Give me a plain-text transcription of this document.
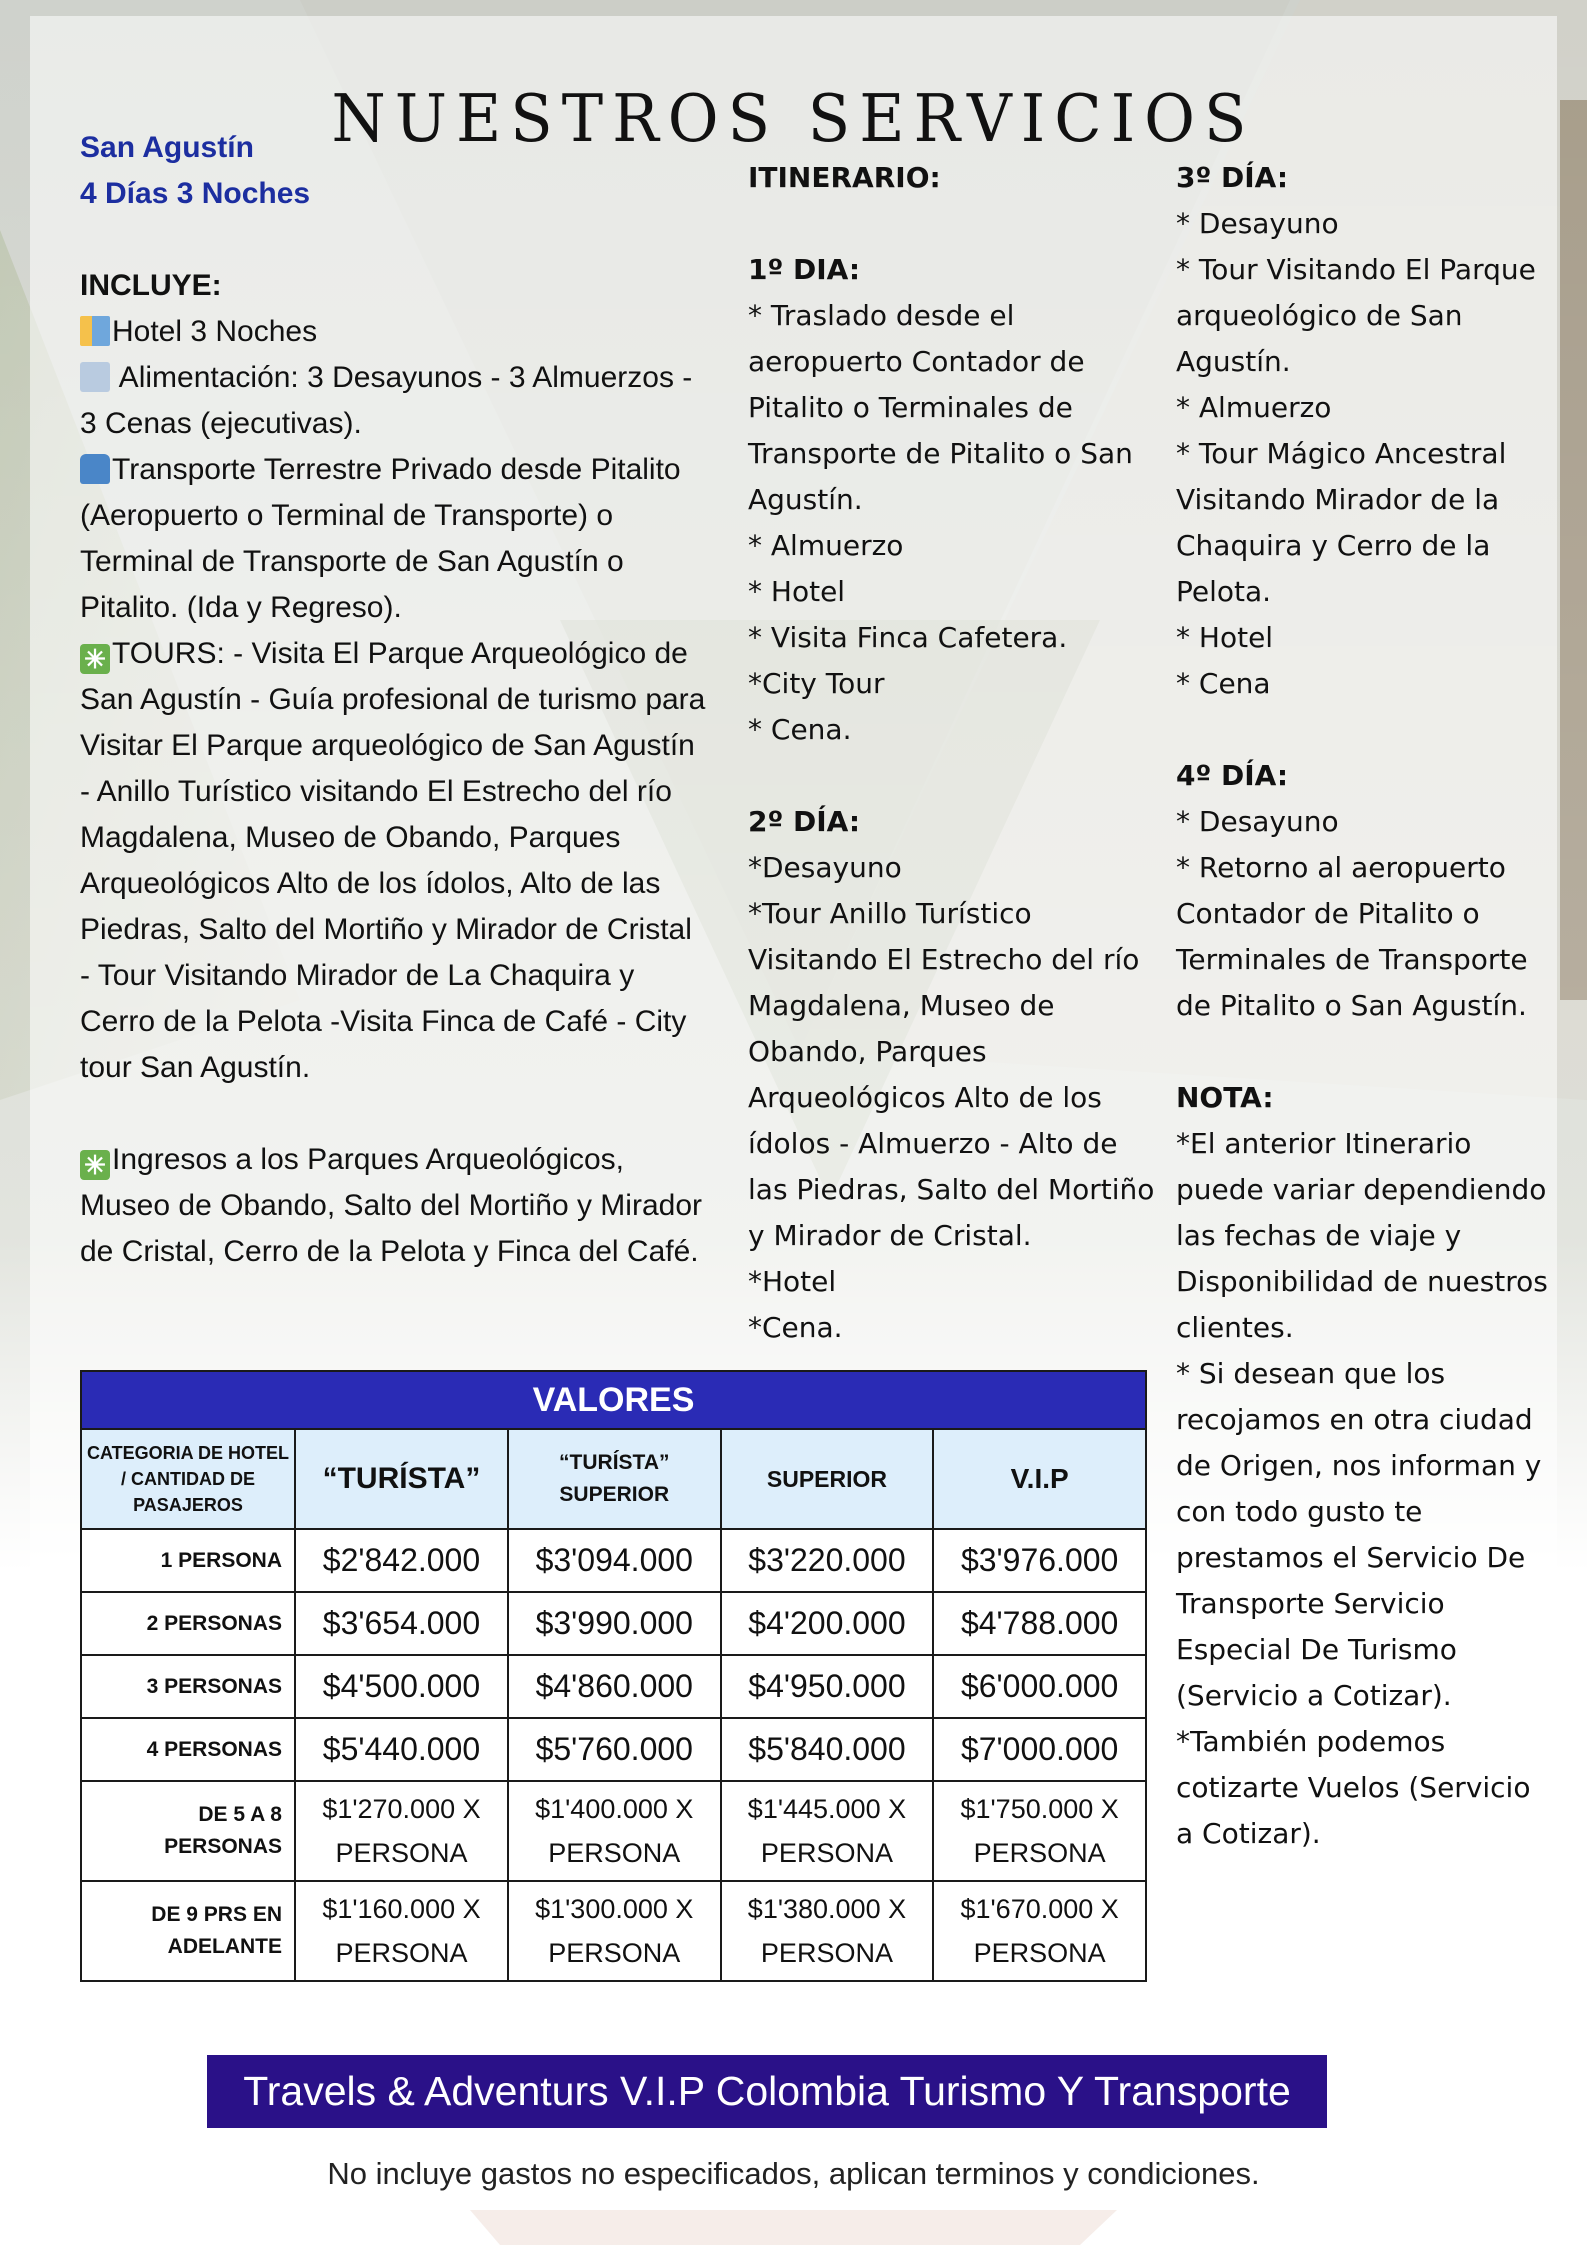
NUESTROS SERVICIOS

San Agustín

4 Días 3 Noches

INCLUYE:

Hotel 3 Noches

Alimentación: 3 Desayunos - 3 Almuerzos - 3 Cenas (ejecutivas).

Transporte Terrestre Privado desde Pitalito (Aeropuerto o Terminal de Transporte) o Terminal de Transporte de San Agustín o Pitalito. (Ida y Regreso).

✳ TOURS: - Visita El Parque Arqueológico de San Agustín - Guía profesional de turismo para Visitar El Parque arqueológico de San Agustín - Anillo Turístico visitando El Estrecho del río Magdalena, Museo de Obando, Parques Arqueológicos Alto de los ídolos, Alto de las Piedras, Salto del Mortiño y Mirador de Cristal - Tour Visitando Mirador de La Chaquira y Cerro de la Pelota -Visita Finca de Café - City tour San Agustín.

✳ Ingresos a los Parques Arqueológicos, Museo de Obando, Salto del Mortiño y Mirador de Cristal, Cerro de la Pelota y Finca del Café.

ITINERARIO:

1º DIA:

* Traslado desde el aeropuerto Contador de Pitalito o Terminales de Transporte de Pitalito o San Agustín.

* Almuerzo

* Hotel

* Visita Finca Cafetera.

*City Tour

* Cena.

2º DÍA:

*Desayuno

*Tour Anillo Turístico Visitando El Estrecho del río Magdalena, Museo de Obando, Parques Arqueológicos Alto de los ídolos - Almuerzo - Alto de las Piedras, Salto del Mortiño y Mirador de Cristal.

*Hotel

*Cena.

3º DÍA:

* Desayuno

* Tour Visitando El Parque arqueológico de San Agustín.

* Almuerzo

* Tour Mágico Ancestral Visitando Mirador de la Chaquira y Cerro de la Pelota.

* Hotel

* Cena

4º DÍA:

* Desayuno

* Retorno al aeropuerto Contador de Pitalito o Terminales de Transporte de Pitalito o San Agustín.

NOTA:

*El anterior Itinerario puede variar dependiendo las fechas de viaje y Disponibilidad de nuestros clientes.

* Si desean que los recojamos en otra ciudad de Origen, nos informan y con todo gusto te prestamos el Servicio De Transporte Servicio Especial De Turismo (Servicio a Cotizar).

*También podemos cotizarte Vuelos (Servicio a Cotizar).

VALORES				
CATEGORIA DE HOTEL / CANTIDAD DE PASAJEROS	“TURÍSTA”	“TURÍSTA” SUPERIOR	SUPERIOR	V.I.P
1 PERSONA	$2'842.000	$3'094.000	$3'220.000	$3'976.000
2 PERSONAS	$3'654.000	$3'990.000	$4'200.000	$4'788.000
3 PERSONAS	$4'500.000	$4'860.000	$4'950.000	$6'000.000
4 PERSONAS	$5'440.000	$5'760.000	$5'840.000	$7'000.000
DE 5 A 8 PERSONAS	$1'270.000 X PERSONA	$1'400.000 X PERSONA	$1'445.000 X PERSONA	$1'750.000 X PERSONA
DE 9 PRS EN ADELANTE	$1'160.000 X PERSONA	$1'300.000 X PERSONA	$1'380.000 X PERSONA	$1'670.000 X PERSONA
Travels & Adventurs V.I.P Colombia Turismo Y Transporte
No incluye gastos no especificados, aplican terminos y condiciones.
